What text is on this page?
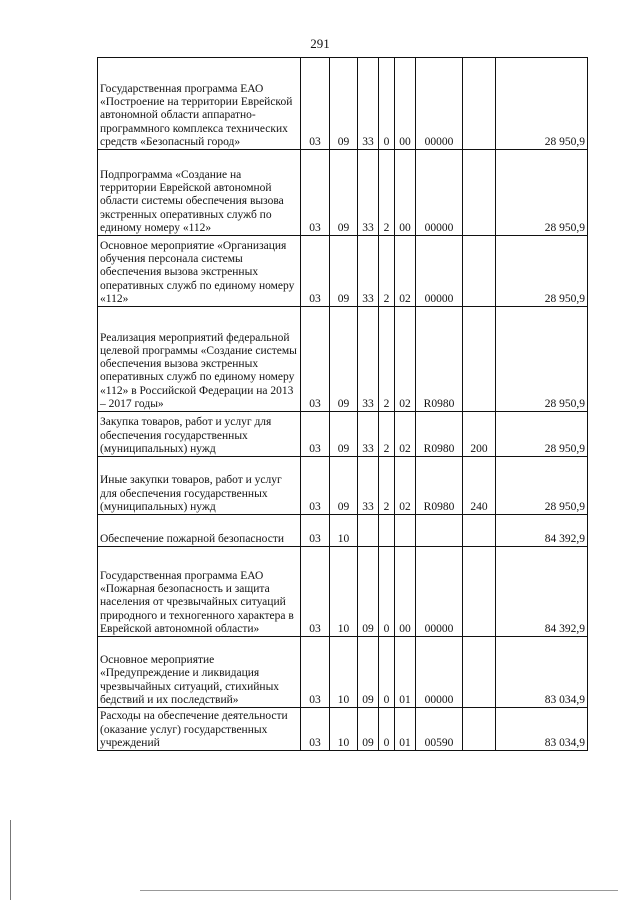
291
Государственная программа ЕАО «Построение на территории Еврейской автономной области аппаратно-программного комплекса технических средств «Безопасный город»	03	09	33	0	00	00000		28 950,9
Подпрограмма «Создание на территории Еврейской автономной области системы обеспечения вызова экстренных оперативных служб по единому номеру «112»	03	09	33	2	00	00000		28 950,9
Основное мероприятие «Организация обучения персонала системы обеспечения вызова экстренных оперативных служб по единому номеру «112»	03	09	33	2	02	00000		28 950,9
Реализация мероприятий федеральной целевой программы «Создание системы обеспечения вызова экстренных оперативных служб по единому номеру «112» в Российской Федерации на 2013 – 2017 годы»	03	09	33	2	02	R0980		28 950,9
Закупка товаров, работ и услуг для обеспечения государственных (муниципальных) нужд	03	09	33	2	02	R0980	200	28 950,9
Иные закупки товаров, работ и услуг для обеспечения государственных (муниципальных) нужд	03	09	33	2	02	R0980	240	28 950,9
Обеспечение пожарной безопасности	03	10						84 392,9
Государственная программа ЕАО «Пожарная безопасность и защита населения от чрезвычайных ситуаций природного и техногенного характера в Еврейской автономной области»	03	10	09	0	00	00000		84 392,9
Основное мероприятие «Предупреждение и ликвидация чрезвычайных ситуаций, стихийных бедствий и их последствий»	03	10	09	0	01	00000		83 034,9
Расходы на обеспечение деятельности (оказание услуг) государственных учреждений	03	10	09	0	01	00590		83 034,9
